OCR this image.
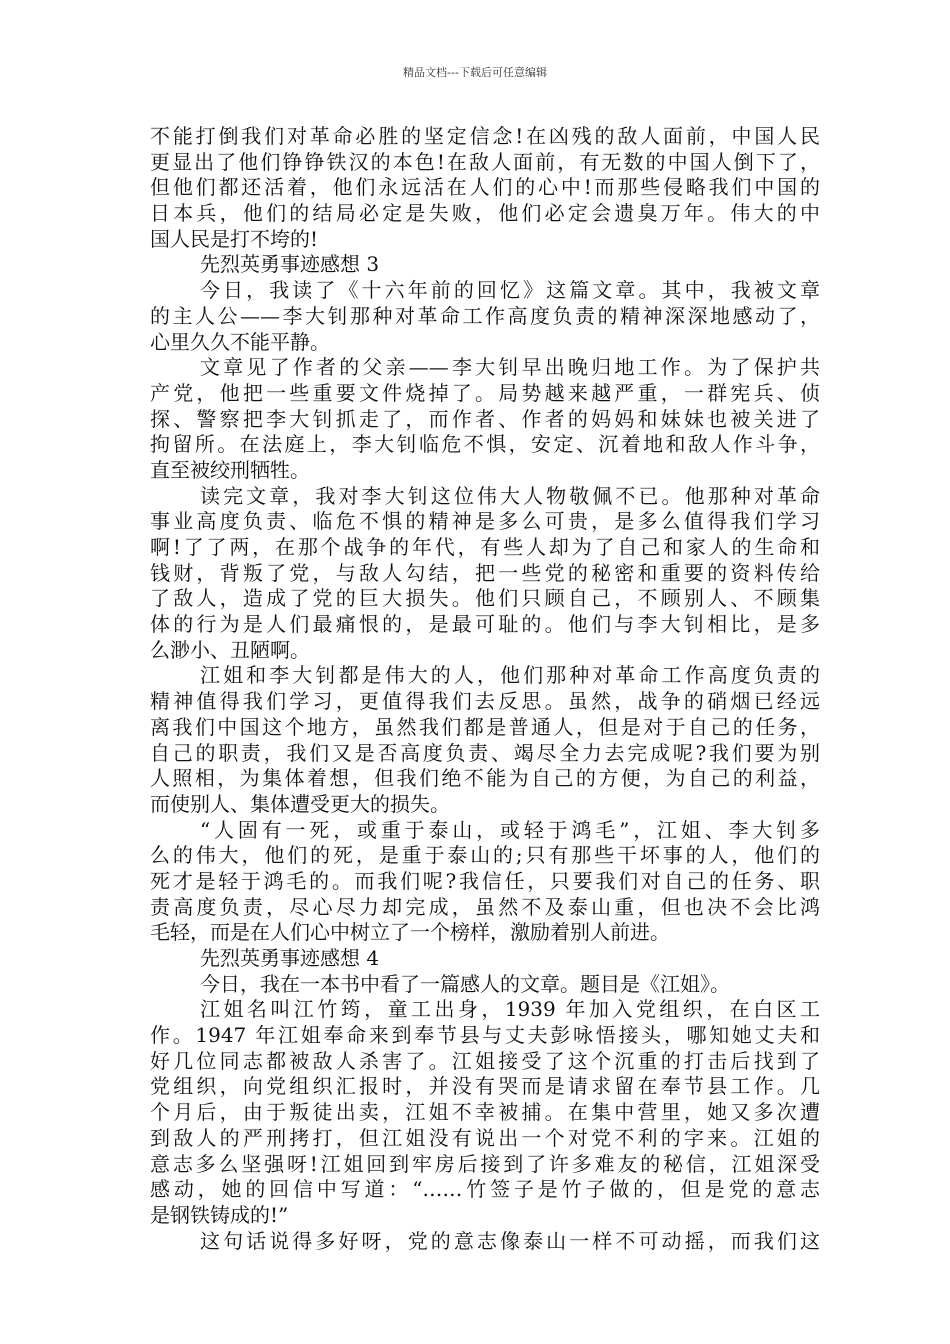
精品文档---下载后可任意编辑
不能打倒我们对革命必胜的坚定信念!在凶残的敌人面前，中国人民
更显出了他们铮铮铁汉的本色!在敌人面前，有无数的中国人倒下了，
但他们都还活着，他们永远活在人们的心中!而那些侵略我们中国的
日本兵，他们的结局必定是失败，他们必定会遗臭万年。伟大的中
国人民是打不垮的!
先烈英勇事迹感想 3
今日，我读了《十六年前的回忆》这篇文章。其中，我被文章
的主人公——李大钊那种对革命工作高度负责的精神深深地感动了，
心里久久不能平静。
文章见了作者的父亲——李大钊早出晚归地工作。为了保护共
产党，他把一些重要文件烧掉了。局势越来越严重，一群宪兵、侦
探、警察把李大钊抓走了，而作者、作者的妈妈和妹妹也被关进了
拘留所。在法庭上，李大钊临危不惧，安定、沉着地和敌人作斗争，
直至被绞刑牺牲。
读完文章，我对李大钊这位伟大人物敬佩不已。他那种对革命
事业高度负责、临危不惧的精神是多么可贵，是多么值得我们学习
啊!了了两，在那个战争的年代，有些人却为了自己和家人的生命和
钱财，背叛了党，与敌人勾结，把一些党的秘密和重要的资料传给
了敌人，造成了党的巨大损失。他们只顾自己，不顾别人、不顾集
体的行为是人们最痛恨的，是最可耻的。他们与李大钊相比，是多
么渺小、丑陋啊。
江姐和李大钊都是伟大的人，他们那种对革命工作高度负责的
精神值得我们学习，更值得我们去反思。虽然，战争的硝烟已经远
离我们中国这个地方，虽然我们都是普通人，但是对于自己的任务，
自己的职责，我们又是否高度负责、竭尽全力去完成呢?我们要为别
人照相，为集体着想，但我们绝不能为自己的方便，为自己的利益，
而使别人、集体遭受更大的损失。
“人固有一死，或重于泰山，或轻于鸿毛”，江姐、李大钊多
么的伟大，他们的死，是重于泰山的;只有那些干坏事的人，他们的
死才是轻于鸿毛的。而我们呢?我信任，只要我们对自己的任务、职
责高度负责，尽心尽力却完成，虽然不及泰山重，但也决不会比鸿
毛轻，而是在人们心中树立了一个榜样，激励着别人前进。
先烈英勇事迹感想 4
今日，我在一本书中看了一篇感人的文章。题目是《江姐》。
江姐名叫江竹筠，童工出身，1939 年加入党组织，在白区工
作。1947 年江姐奉命来到奉节县与丈夫彭咏悟接头，哪知她丈夫和
好几位同志都被敌人杀害了。江姐接受了这个沉重的打击后找到了
党组织，向党组织汇报时，并没有哭而是请求留在奉节县工作。几
个月后，由于叛徒出卖，江姐不幸被捕。在集中营里，她又多次遭
到敌人的严刑拷打，但江姐没有说出一个对党不利的字来。江姐的
意志多么坚强呀!江姐回到牢房后接到了许多难友的秘信，江姐深受
感动，她的回信中写道：“……竹签子是竹子做的，但是党的意志
是钢铁铸成的!”
这句话说得多好呀，党的意志像泰山一样不可动摇，而我们这
